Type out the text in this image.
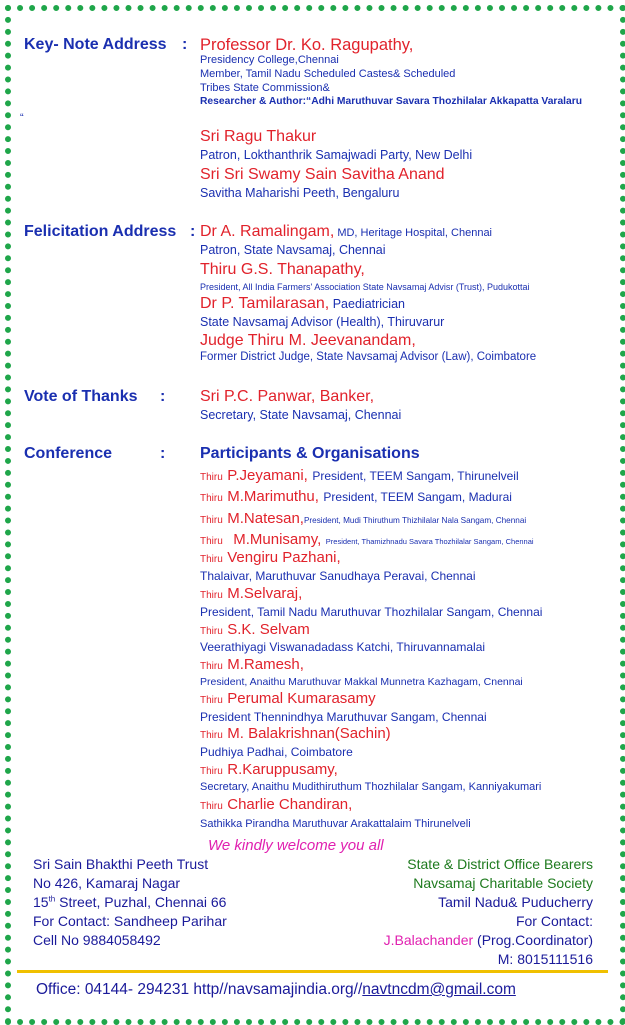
Key- Note Address : Professor Dr. Ko. Ragupathy,
Presidency College,Chennai
Member, Tamil Nadu Scheduled Castes& Scheduled
Tribes State Commission&
Researcher & Author:“Adhi Maruthuvar Savara Thozhilalar Akkapatta Varalaru
“
Sri Ragu Thakur
Patron, Lokthanthrik Samajwadi Party, New Delhi
Sri Sri Swamy Sain Savitha Anand
Savitha Maharishi Peeth, Bengaluru
Felicitation Address : Dr A. Ramalingam, MD, Heritage Hospital, Chennai
Patron, State Navsamaj, Chennai
Thiru G.S. Thanapathy,
President, All India Farmers' Association State Navsamaj Advisr (Trust), Pudukottai
Dr P. Tamilarasan, Paediatrician
State Navsamaj Advisor (Health), Thiruvarur
Judge Thiru M. Jeevanandam,
Former District Judge, State Navsamaj Advisor (Law), Coimbatore
Vote of Thanks : Sri P.C. Panwar, Banker,
Secretary, State Navsamaj, Chennai
Conference	: Participants & Organisations
Thiru P.Jeyamani, President, TEEM Sangam, Thirunelveil
Thiru M.Marimuthu, President, TEEM Sangam, Madurai
Thiru M.Natesan,President, Mudi Thiruthum Thizhilalar Nala Sangam, Chennai
Thiru M.Munisamy, President, Thamizhnadu Savara Thozhilalar Sangam, Chennai
Thiru Vengiru Pazhani,
Thalaivar, Maruthuvar Sanudhaya Peravai, Chennai
Thiru M.Selvaraj,
President, Tamil Nadu Maruthuvar Thozhilalar Sangam, Chennai
Thiru S.K. Selvam
Veerathiyagi Viswanadadass Katchi, Thiruvannamalai
Thiru M.Ramesh,
President, Anaithu Maruthuvar Makkal Munnetra Kazhagam, Cnennai
Thiru Perumal Kumarasamy
President Thennindhya Maruthuvar Sangam, Chennai
Thiru M. Balakrishnan(Sachin)
Pudhiya Padhai, Coimbatore
Thiru R.Karuppusamy,
Secretary, Anaithu Mudithiruthum Thozhilalar Sangam, Kanniyakumari
Thiru Charlie Chandiran,
Sathikka Pirandha Maruthuvar Arakattalaim Thirunelveli
We kindly welcome you all
Sri Sain Bhakthi Peeth Trust
No 426, Kamaraj Nagar
15th Street, Puzhal, Chennai 66
For Contact: Sandheep Parihar
Cell No 9884058492
State & District Office Bearers
Navsamaj Charitable Society
Tamil Nadu& Puducherry
For Contact:
J.Balachander (Prog.Coordinator)
M: 8015111516
Office: 04144- 294231 http//navsamajindia.org//navtncdm@gmail.com
